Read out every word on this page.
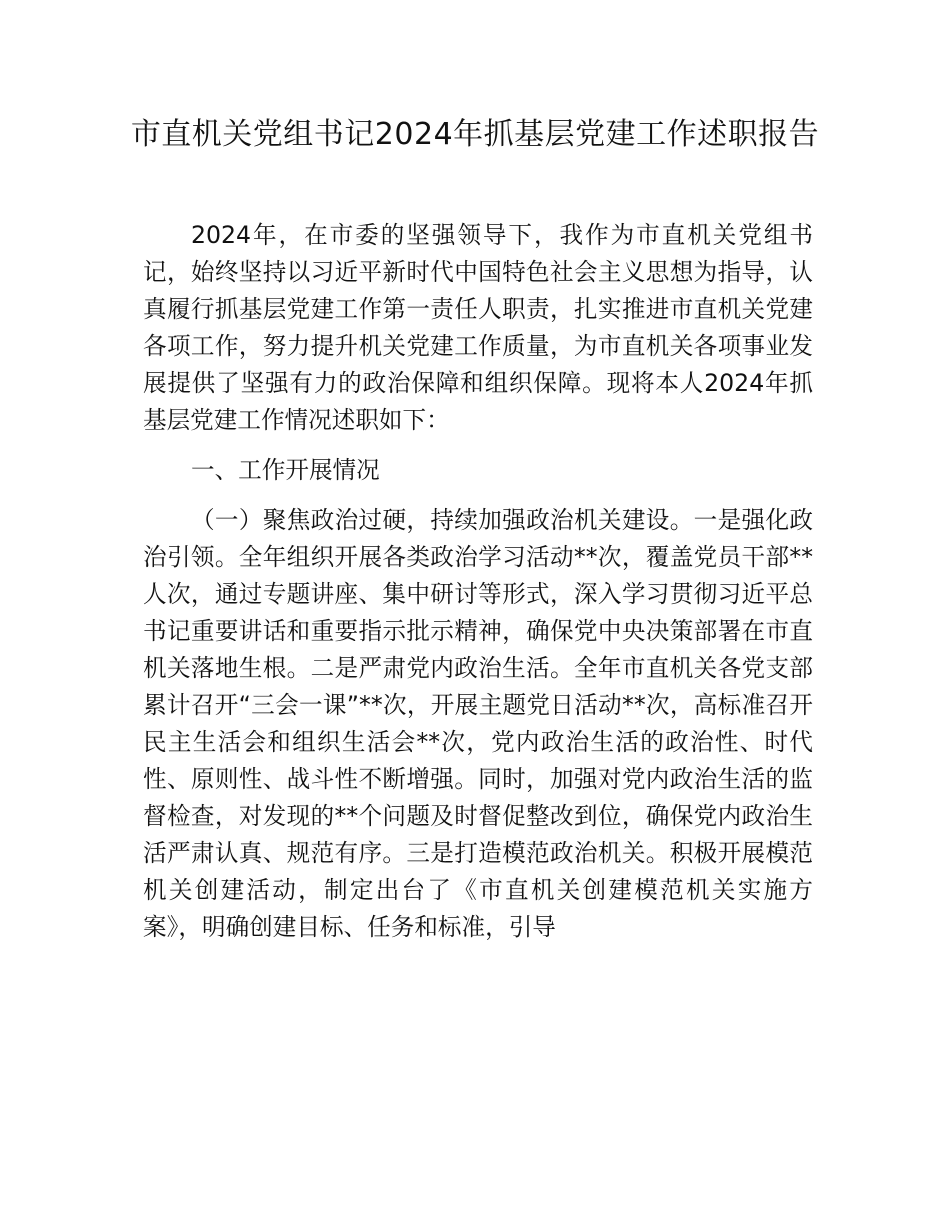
市直机关党组书记2024年抓基层党建工作述职报告

2024年，在市委的坚强领导下，我作为市直机关党组书记，始终坚持以习近平新时代中国特色社会主义思想为指导，认真履行抓基层党建工作第一责任人职责，扎实推进市直机关党建各项工作，努力提升机关党建工作质量，为市直机关各项事业发展提供了坚强有力的政治保障和组织保障。现将本人2024年抓基层党建工作情况述职如下：

一、工作开展情况

（一）聚焦政治过硬，持续加强政治机关建设。一是强化政治引领。全年组织开展各类政治学习活动**次，覆盖党员干部**人次，通过专题讲座、集中研讨等形式，深入学习贯彻习近平总书记重要讲话和重要指示批示精神，确保党中央决策部署在市直机关落地生根。二是严肃党内政治生活。全年市直机关各党支部累计召开“三会一课”**次，开展主题党日活动**次，高标准召开民主生活会和组织生活会**次，党内政治生活的政治性、时代性、原则性、战斗性不断增强。同时，加强对党内政治生活的监督检查，对发现的**个问题及时督促整改到位，确保党内政治生活严肃认真、规范有序。三是打造模范政治机关。积极开展模范机关创建活动，制定出台了《市直机关创建模范机关实施方案》，明确创建目标、任务和标准，引导
